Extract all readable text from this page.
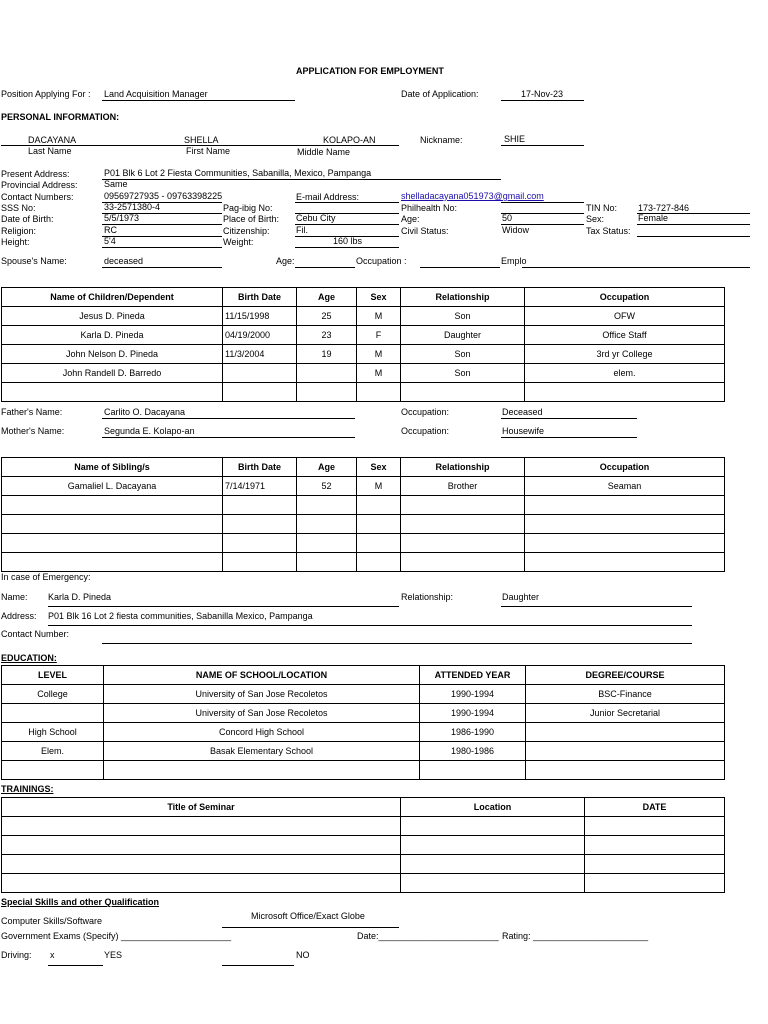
APPLICATION FOR EMPLOYMENT
Position Applying For : Land Acquisition Manager	Date of Application:	17-Nov-23
PERSONAL INFORMATION:
DACAYANA	SHELLA	KOLAPO-AN
Last Name	First Name	Middle Name
Nickname:	SHIE
Present Address:	P01 Blk 6 Lot 2 Fiesta Communities, Sabanilla, Mexico, Pampanga
Provincial Address:	Same
Contact Numbers:	09569727935 - 09763398225	E-mail Address:	shelladacayana051973@gmail.com
SSS No:	33-2571380-4	Pag-ibig No:	Philhealth No:	TIN No: 173-727-846
Date of Birth:	5/5/1973	Place of Birth: Cebu City	Age:	50	Sex:	Female
Religion:	RC	Citizenship:	Fil.	Civil Status:	Widow	Tax Status:
Height:	5'4	Weight:	160 lbs
Spouse's Name:	deceased	Age:	Occupation :	Emplo
Name of Children/Dependent	Birth Date	Age	Sex	Relationship	Occupation
Jesus D. Pineda	11/15/1998	25	M	Son	OFW
Karla D. Pineda	04/19/2000	23	F	Daughter	Office Staff
John Nelson D. Pineda	11/3/2004	19	M	Son	3rd yr College
John Randell D. Barredo			M	Son	elem.

Father's Name:	Carlito O. Dacayana	Occupation:	Deceased
Mother's Name:	Segunda E. Kolapo-an	Occupation:	Housewife
Name of Sibling/s	Birth Date	Age	Sex	Relationship	Occupation
Gamaliel L. Dacayana	7/14/1971	52	M	Brother	Seaman

In case of Emergency:
Name: Karla D. Pineda	Relationship:	Daughter
Address: P01 Blk 16 Lot 2 fiesta communities, Sabanilla Mexico, Pampanga
Contact Number:
EDUCATION:
LEVEL	NAME OF SCHOOL/LOCATION	ATTENDED YEAR	DEGREE/COURSE
College	University of San Jose Recoletos	1990-1994	BSC-Finance
	University of San Jose Recoletos	1990-1994	Junior Secretarial
High School	Concord High School	1986-1990	
Elem.	Basak Elementary School	1980-1986	

TRAININGS:
Title of Seminar	Location	DATE

Special Skills and other Qualification
Computer Skills/Software	Microsoft Office/Exact Globe
Government Exams (Specify) ______________________	Date:________________________ Rating: _______________________
Driving: x	YES	NO
